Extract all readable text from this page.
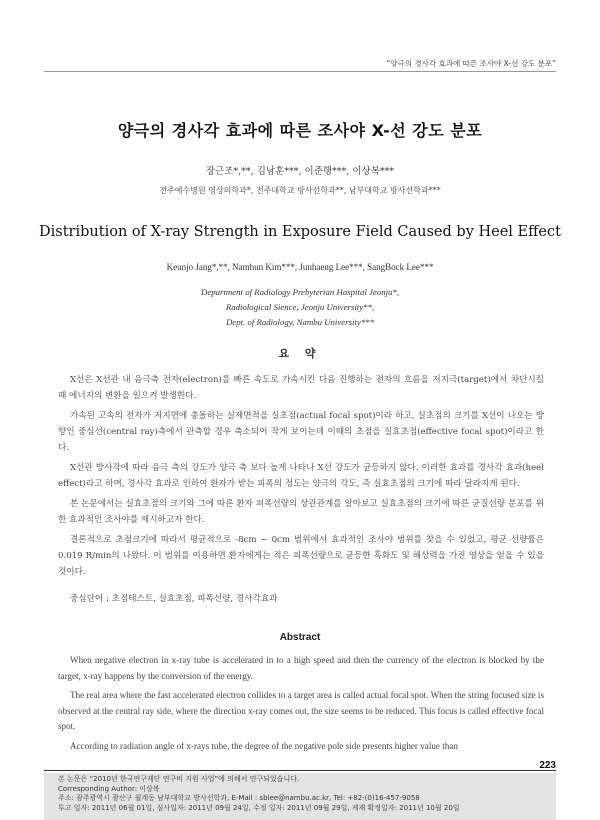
“양극의 경사각 효과에 따른 조사야 X-선 강도 분포”
양극의 경사각 효과에 따른 조사야 X-선 강도 분포
장근조*,**, 김남훈***, 이준행***, 이상복***
전주예수병원 영상의학과*, 전주대학교 방사선학과**, 남부대학교 방사선학과***
Distribution of X-ray Strength in Exposure Field Caused by Heel Effect
Keunjo Jang*,**, Namhun Kim***, Junhaeng Lee***, SangBock Lee***
Department of Radiology Prebyterian Hospital Jeonju*,
Radiological Sience, Jeonju University**,
Dept. of Radiology, Nambu University***
요 약

X선은 X선관 내 음극측 전자(electron)를 빠른 속도로 가속시킨 다음 진행하는 전자의 흐름을 저지극(target)에서 차단시킬 때 에너지의 변환을 일으켜 발생한다.

가속된 고속의 전자가 저지면에 충돌하는 실제면적을 실초점(actual focal spot)이라 하고, 실초점의 크기를 X선이 나오는 방향인 중심선(central ray)측에서 관측할 경우 축소되어 작게 보이는데 이때의 초점을 실효초점(effective focal spot)이라고 한다.

X선관 방사각에 따라 음극 측의 강도가 양극 측 보다 높게 나타나 X선 강도가 균등하지 않다. 이러한 효과를 경사각 효과(heel effect)라고 하며, 경사각 효과로 인하여 환자가 받는 피폭의 정도는 양극의 각도, 즉 실효초점의 크기에 따라 달라지게 된다.

본 논문에서는 실효초점의 크기와 그에 따른 환자 피폭선량의 상관관계를 알아보고 실효초점의 크기에 따른 균질선량 분포를 위한 효과적인 조사야를 제시하고자 한다.

결론적으로 초점크기에 따라서 평균적으로 -8cm ~ 0cm 범위에서 효과적인 조사야 범위를 찾을 수 있었고, 평균 선량률은 0.019 R/min의 나왔다. 이 범위를 이용하면 환자에게는 적은 피폭선량으로 균등한 흑화도 및 해상력을 가진 영상을 얻을 수 있을 것이다.

중심단어 : 초점테스트, 실효초점, 피폭선량, 경사각효과
Abstract

When negative electron in x-ray tube is accelerated in to a high speed and then the currency of the electron is blocked by the target, x-ray happens by the conversion of the energy.

The real area where the fast accelerated electron collides to a target area is called actual focal spot. When the string focused size is observed at the central ray side, where the direction x-ray comes out, the size seems to be reduced. This focus is called effective focal spot.

According to radiation angle of x-rays tube, the degree of the negative pole side presents higher value than

223
본 논문은 “2010년 한국연구재단 연구비 지원 사업”에 의해서 연구되었습니다.
Corresponding Author: 이상복
주소: 광주광역시 광산구 월계동 남부대학교 방사선학과, E-Mail : sblee@nambu.ac.kr, Tel: +82-(0)16-457-9058
투고 일자: 2011년 06월 01일, 심사일자: 2011년 09월 24일, 수정 일자: 2011년 09월 29일, 게재 확정일자: 2011년 10월 20일
